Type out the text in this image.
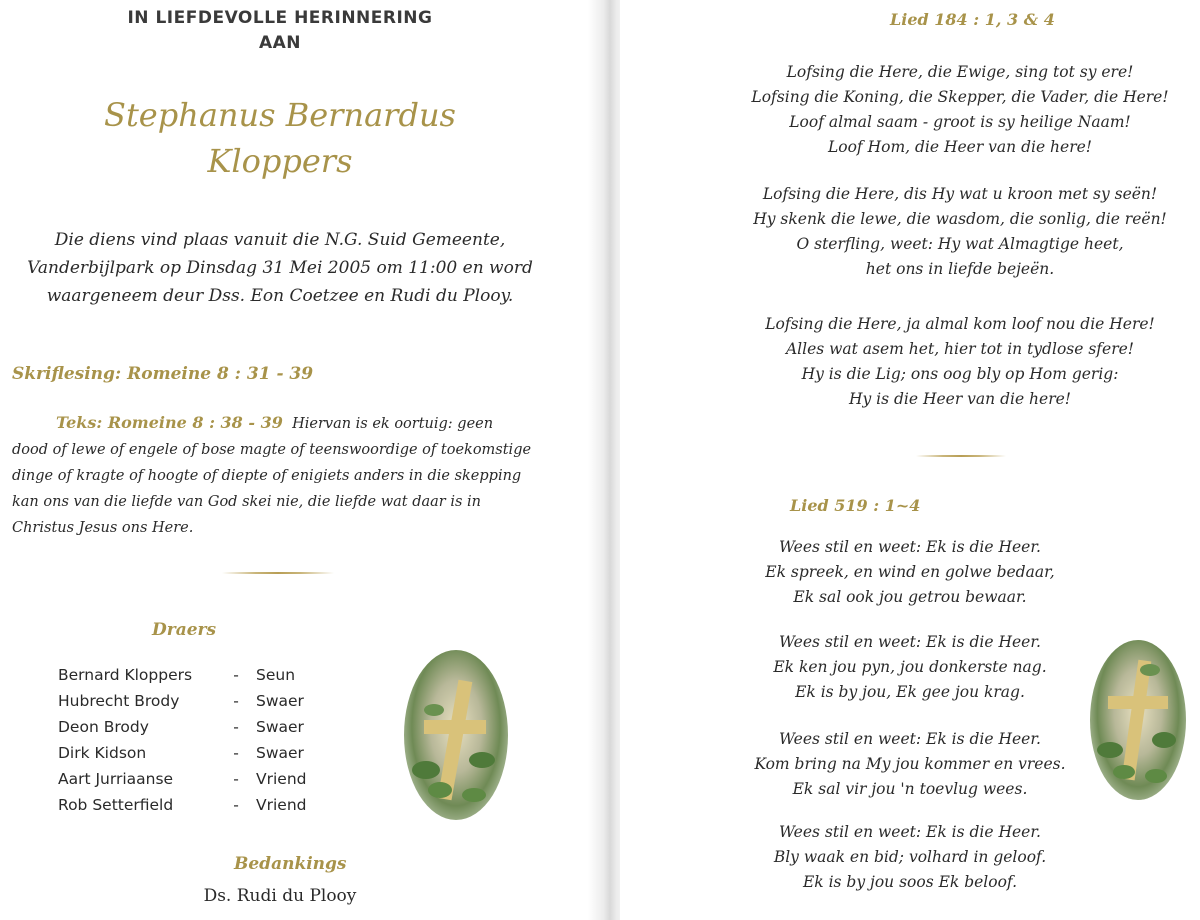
IN LIEFDEVOLLE HERINNERING
AAN
Stephanus Bernardus
Kloppers
Die diens vind plaas vanuit die N.G. Suid Gemeente,
Vanderbijlpark op Dinsdag 31 Mei 2005 om 11:00 en word
waargeneem deur Dss. Eon Coetzee en Rudi du Plooy.
Skriflesing: Romeine 8 : 31 - 39
Teks: Romeine 8 : 38 - 39 Hiervan is ek oortuig: geen dood of lewe of engele of bose magte of teenswoordige of toekomstige dinge of kragte of hoogte of diepte of enigiets anders in die skepping kan ons van die liefde van God skei nie, die liefde wat daar is in Christus Jesus ons Here.
Draers
Bernard Kloppers	-	Seun
Hubrecht Brody	-	Swaer
Deon Brody	-	Swaer
Dirk Kidson	-	Swaer
Aart Jurriaanse	-	Vriend
Rob Setterfield	-	Vriend
Bedankings
Ds. Rudi du Plooy
Lied 184 : 1, 3 & 4
Lofsing die Here, die Ewige, sing tot sy ere!
Lofsing die Koning, die Skepper, die Vader, die Here!
Loof almal saam - groot is sy heilige Naam!
Loof Hom, die Heer van die here!
Lofsing die Here, dis Hy wat u kroon met sy seën!
Hy skenk die lewe, die wasdom, die sonlig, die reën!
O sterfling, weet: Hy wat Almagtige heet,
het ons in liefde bejeën.
Lofsing die Here, ja almal kom loof nou die Here!
Alles wat asem het, hier tot in tydlose sfere!
Hy is die Lig; ons oog bly op Hom gerig:
Hy is die Heer van die here!
Lied 519 : 1~4
Wees stil en weet: Ek is die Heer.
Ek spreek, en wind en golwe bedaar,
Ek sal ook jou getrou bewaar.
Wees stil en weet: Ek is die Heer.
Ek ken jou pyn, jou donkerste nag.
Ek is by jou, Ek gee jou krag.
Wees stil en weet: Ek is die Heer.
Kom bring na My jou kommer en vrees.
Ek sal vir jou 'n toevlug wees.
Wees stil en weet: Ek is die Heer.
Bly waak en bid; volhard in geloof.
Ek is by jou soos Ek beloof.
